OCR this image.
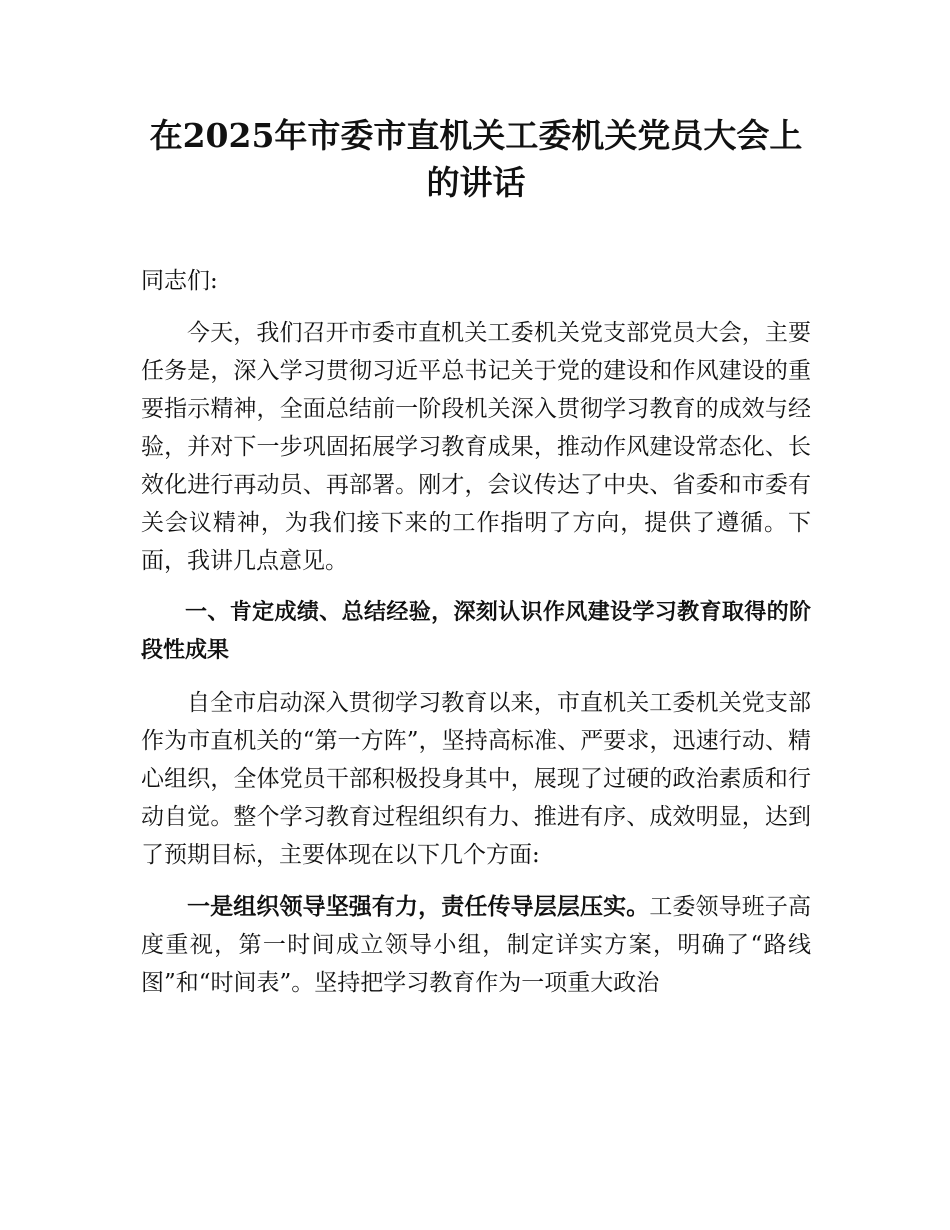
在2025年市委市直机关工委机关党员大会上
的讲话

同志们:

今天，我们召开市委市直机关工委机关党支部党员大会，主要任务是，深入学习贯彻习近平总书记关于党的建设和作风建设的重要指示精神，全面总结前一阶段机关深入贯彻学习教育的成效与经验，并对下一步巩固拓展学习教育成果，推动作风建设常态化、长效化进行再动员、再部署。刚才，会议传达了中央、省委和市委有关会议精神，为我们接下来的工作指明了方向，提供了遵循。下面，我讲几点意见。

一、肯定成绩、总结经验，深刻认识作风建设学习教育取得的阶段性成果

自全市启动深入贯彻学习教育以来，市直机关工委机关党支部作为市直机关的“第一方阵”，坚持高标准、严要求，迅速行动、精心组织，全体党员干部积极投身其中，展现了过硬的政治素质和行动自觉。整个学习教育过程组织有力、推进有序、成效明显，达到了预期目标，主要体现在以下几个方面:

一是组织领导坚强有力，责任传导层层压实。工委领导班子高度重视，第一时间成立领导小组，制定详实方案，明确了“路线图”和“时间表”。坚持把学习教育作为一项重大政治
